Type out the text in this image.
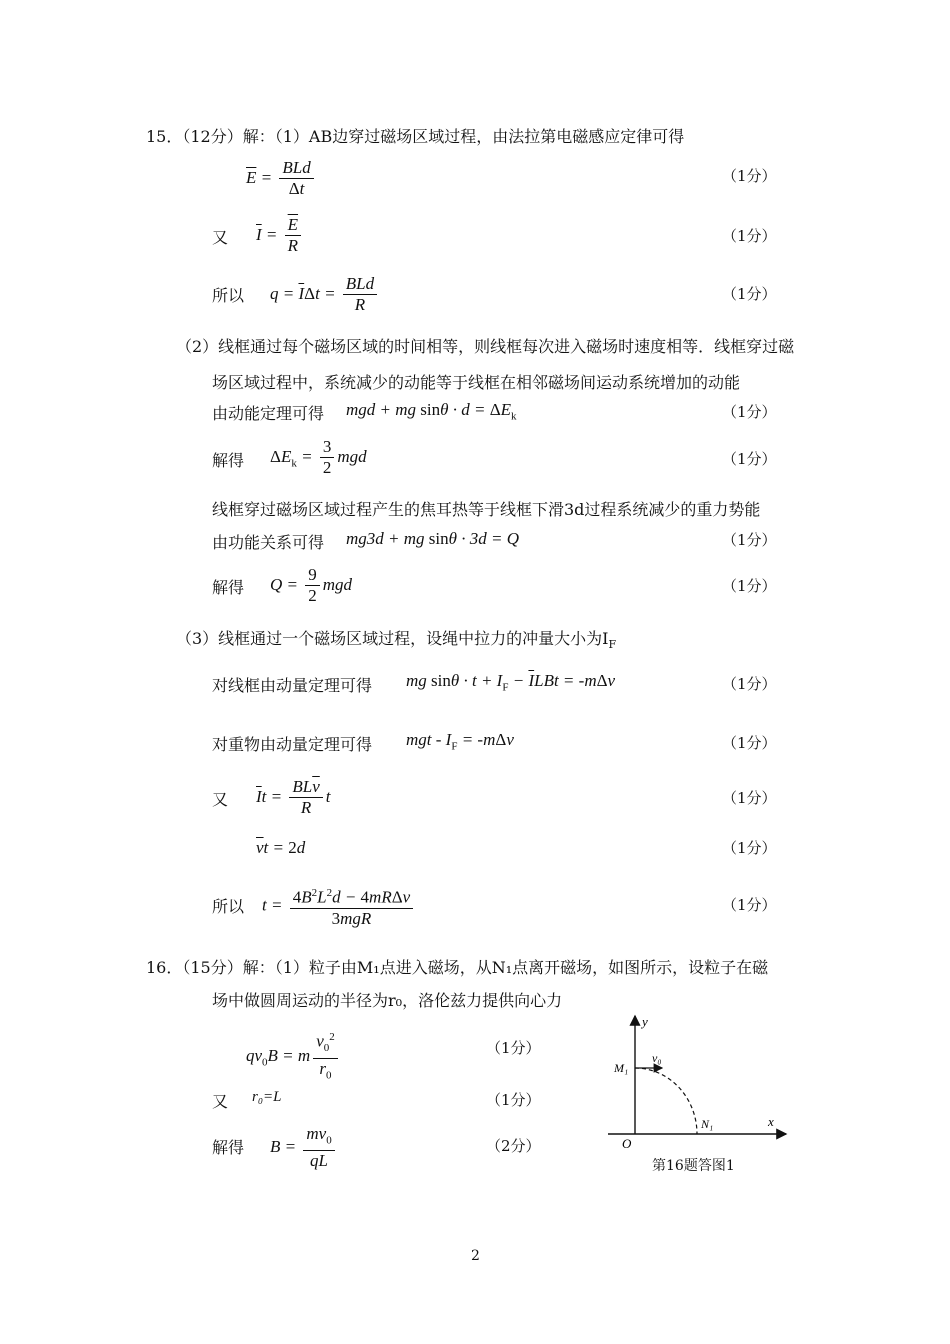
15．（12分）解：（1）AB边穿过磁场区域过程，由法拉第电磁感应定律可得
$\overline{E} = \frac{\text{BLd}}{\Delta t}$	（1分）
又 $\overline{I} = \frac{\overline{E}}{R}$	（1分）
所以 $q = \overline{I}\Delta t = \frac{\text{BLd}}{R}$	（1分）
（2）线框通过每个磁场区域的时间相等，则线框每次进入磁场时速度相等．线框穿过磁
场区域过程中，系统减少的动能等于线框在相邻磁场间运动系统增加的动能
由动能定理可得 mgd + mg $\sin\theta \cdot d = \Delta E_k$	（1分）
解得 $\Delta E_k = \frac{3}{2}$ mgd	（1分）
线框穿过磁场区域过程产生的焦耳热等于线框下滑3d过程系统减少的重力势能
由功能关系可得 mg3d + mg sinθ · 3d = Q	（1分）
解得 $Q = \frac{9}{2}$ mgd	（1分）
（3）线框通过一个磁场区域过程，设绳中拉力的冲量大小为$I_F$
对线框由动量定理可得 mg $\sin\theta \cdot t + I_F - \overline{I}LBt = -m\Delta v$	（1分）
对重物由动量定理可得 mgt - $I_F = -m\Delta v$	（1分）
又 $\overline{I}t = \frac{BL\overline{v}}{R}$ t	（1分）
$\overline{v}t = 2d$	（1分）
所以 $t = \frac{4B^2L^2d - 4mR\Delta v}{\text{3mgR}}$	（1分）
16．（15分）解：（1）粒子由M₁点进入磁场，从N₁点离开磁场，如图所示，设粒子在磁
场中做圆周运动的半径为r₀，洛伦兹力提供向心力
$qv_0B = m \frac{v_0^2}{r_0}$	（1分）
又 r₀=L	（1分）
解得 $B = \frac{mv_0}{qL}$	（2分）
y
x
O
M₁
N₁
v₀
第16题答图1
2
